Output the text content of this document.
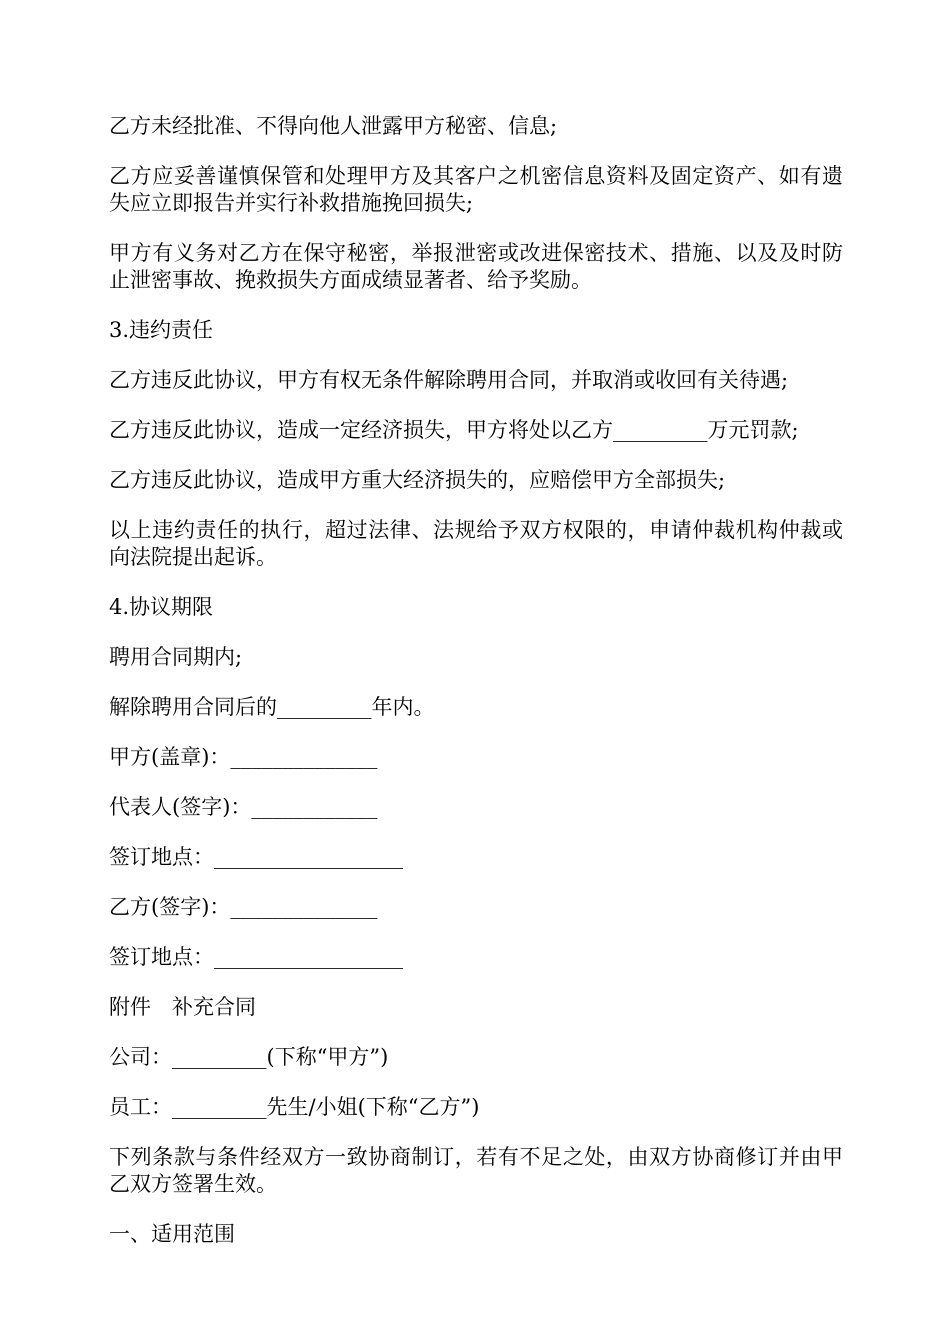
乙方未经批准、不得向他人泄露甲方秘密、信息;

乙方应妥善谨慎保管和处理甲方及其客户之机密信息资料及固定资产、如有遗失应立即报告并实行补救措施挽回损失;

甲方有义务对乙方在保守秘密，举报泄密或改进保密技术、措施、以及及时防止泄密事故、挽救损失方面成绩显著者、给予奖励。

3.违约责任

乙方违反此协议，甲方有权无条件解除聘用合同，并取消或收回有关待遇;

乙方违反此协议，造成一定经济损失，甲方将处以乙方_________万元罚款;

乙方违反此协议，造成甲方重大经济损失的，应赔偿甲方全部损失;

以上违约责任的执行，超过法律、法规给予双方权限的，申请仲裁机构仲裁或向法院提出起诉。

4.协议期限

聘用合同期内;

解除聘用合同后的_________年内。

甲方(盖章)：______________

代表人(签字)：____________

签订地点：__________________

乙方(签字)：______________

签订地点：__________________

附件　补充合同

公司：_________(下称“甲方”)

员工：_________先生/小姐(下称“乙方”)

下列条款与条件经双方一致协商制订，若有不足之处，由双方协商修订并由甲乙双方签署生效。

一、适用范围
